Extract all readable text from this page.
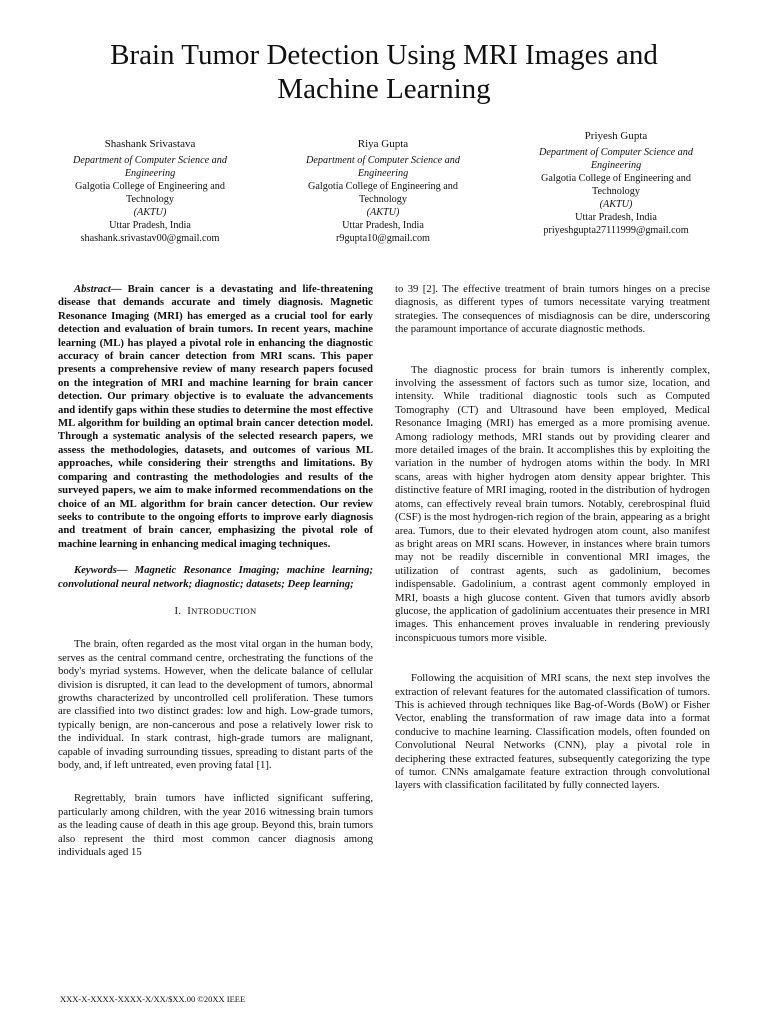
Brain Tumor Detection Using MRI Images and Machine Learning
Shashank Srivastava
Department of Computer Science and Engineering
Galgotia College of Engineering and Technology
(AKTU)
Uttar Pradesh, India
shashank.srivastav00@gmail.com
Riya Gupta
Department of Computer Science and Engineering
Galgotia College of Engineering and Technology
(AKTU)
Uttar Pradesh, India
r9gupta10@gmail.com
Priyesh Gupta
Department of Computer Science and Engineering
Galgotia College of Engineering and Technology
(AKTU)
Uttar Pradesh, India
priyeshgupta27111999@gmail.com

Abstract— Brain cancer is a devastating and life-threatening disease that demands accurate and timely diagnosis. Magnetic Resonance Imaging (MRI) has emerged as a crucial tool for early detection and evaluation of brain tumors. In recent years, machine learning (ML) has played a pivotal role in enhancing the diagnostic accuracy of brain cancer detection from MRI scans. This paper presents a comprehensive review of many research papers focused on the integration of MRI and machine learning for brain cancer detection. Our primary objective is to evaluate the advancements and identify gaps within these studies to determine the most effective ML algorithm for building an optimal brain cancer detection model. Through a systematic analysis of the selected research papers, we assess the methodologies, datasets, and outcomes of various ML approaches, while considering their strengths and limitations. By comparing and contrasting the methodologies and results of the surveyed papers, we aim to make informed recommendations on the choice of an ML algorithm for brain cancer detection. Our review seeks to contribute to the ongoing efforts to improve early diagnosis and treatment of brain cancer, emphasizing the pivotal role of machine learning in enhancing medical imaging techniques.

Keywords— Magnetic Resonance Imaging; machine learning; convolutional neural network; diagnostic; datasets; Deep learning;

I. INTRODUCTION

The brain, often regarded as the most vital organ in the human body, serves as the central command centre, orchestrating the functions of the body's myriad systems. However, when the delicate balance of cellular division is disrupted, it can lead to the development of tumors, abnormal growths characterized by uncontrolled cell proliferation. These tumors are classified into two distinct grades: low and high. Low-grade tumors, typically benign, are non-cancerous and pose a relatively lower risk to the individual. In stark contrast, high-grade tumors are malignant, capable of invading surrounding tissues, spreading to distant parts of the body, and, if left untreated, even proving fatal [1].

Regrettably, brain tumors have inflicted significant suffering, particularly among children, with the year 2016 witnessing brain tumors as the leading cause of death in this age group. Beyond this, brain tumors also represent the third most common cancer diagnosis among individuals aged 15

to 39 [2]. The effective treatment of brain tumors hinges on a precise diagnosis, as different types of tumors necessitate varying treatment strategies. The consequences of misdiagnosis can be dire, underscoring the paramount importance of accurate diagnostic methods.

The diagnostic process for brain tumors is inherently complex, involving the assessment of factors such as tumor size, location, and intensity. While traditional diagnostic tools such as Computed Tomography (CT) and Ultrasound have been employed, Medical Resonance Imaging (MRI) has emerged as a more promising avenue. Among radiology methods, MRI stands out by providing clearer and more detailed images of the brain. It accomplishes this by exploiting the variation in the number of hydrogen atoms within the body. In MRI scans, areas with higher hydrogen atom density appear brighter. This distinctive feature of MRI imaging, rooted in the distribution of hydrogen atoms, can effectively reveal brain tumors. Notably, cerebrospinal fluid (CSF) is the most hydrogen-rich region of the brain, appearing as a bright area. Tumors, due to their elevated hydrogen atom count, also manifest as bright areas on MRI scans. However, in instances where brain tumors may not be readily discernible in conventional MRI images, the utilization of contrast agents, such as gadolinium, becomes indispensable. Gadolinium, a contrast agent commonly employed in MRI, boasts a high glucose content. Given that tumors avidly absorb glucose, the application of gadolinium accentuates their presence in MRI images. This enhancement proves invaluable in rendering previously inconspicuous tumors more visible.

Following the acquisition of MRI scans, the next step involves the extraction of relevant features for the automated classification of tumors. This is achieved through techniques like Bag-of-Words (BoW) or Fisher Vector, enabling the transformation of raw image data into a format conducive to machine learning. Classification models, often founded on Convolutional Neural Networks (CNN), play a pivotal role in deciphering these extracted features, subsequently categorizing the type of tumor. CNNs amalgamate feature extraction through convolutional layers with classification facilitated by fully connected layers.

XXX-X-XXXX-XXXX-X/XX/$XX.00 ©20XX IEEE
